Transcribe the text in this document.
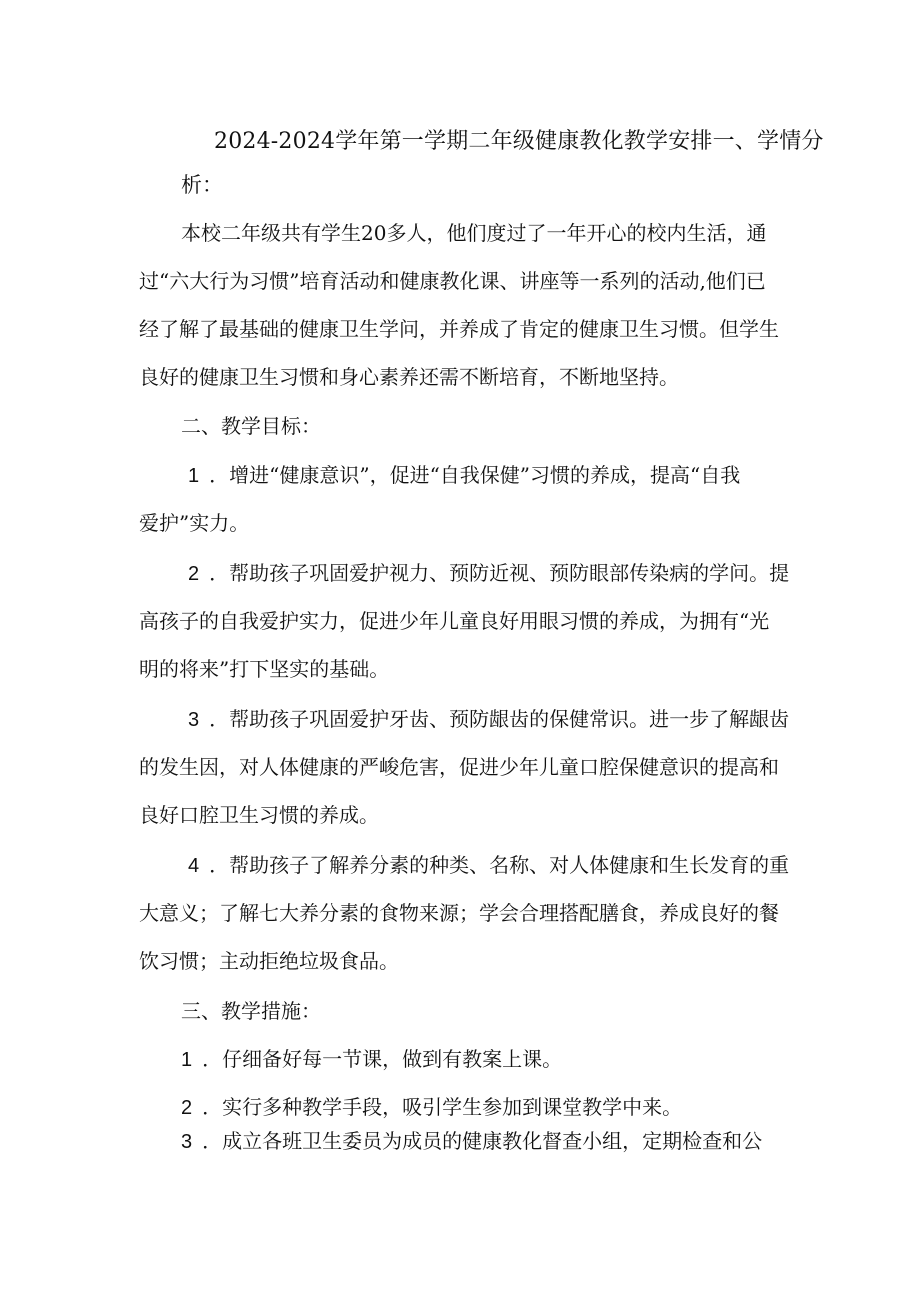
2024-2024学年第一学期二年级健康教化教学安排一、学情分
析：
本校二年级共有学生20多人，他们度过了一年开心的校内生活，通
过“六大行为习惯”培育活动和健康教化课、讲座等一系列的活动,他们已
经了解了最基础的健康卫生学问，并养成了肯定的健康卫生习惯。但学生
良好的健康卫生习惯和身心素养还需不断培育，不断地坚持。
二、教学目标：
1 ．增进“健康意识”，促进“自我保健”习惯的养成，提高“自我
爱护”实力。
2 ．帮助孩子巩固爱护视力、预防近视、预防眼部传染病的学问。提
高孩子的自我爱护实力，促进少年儿童良好用眼习惯的养成，为拥有“光
明的将来”打下坚实的基础。
3 ．帮助孩子巩固爱护牙齿、预防龈齿的保健常识。进一步了解龈齿
的发生因，对人体健康的严峻危害，促进少年儿童口腔保健意识的提高和
良好口腔卫生习惯的养成。
4 ．帮助孩子了解养分素的种类、名称、对人体健康和生长发育的重
大意义；了解七大养分素的食物来源；学会合理搭配膳食，养成良好的餐
饮习惯；主动拒绝垃圾食品。
三、教学措施：
1 ．仔细备好每一节课，做到有教案上课。
2 ．实行多种教学手段，吸引学生参加到课堂教学中来。
3 ．成立各班卫生委员为成员的健康教化督查小组，定期检查和公
